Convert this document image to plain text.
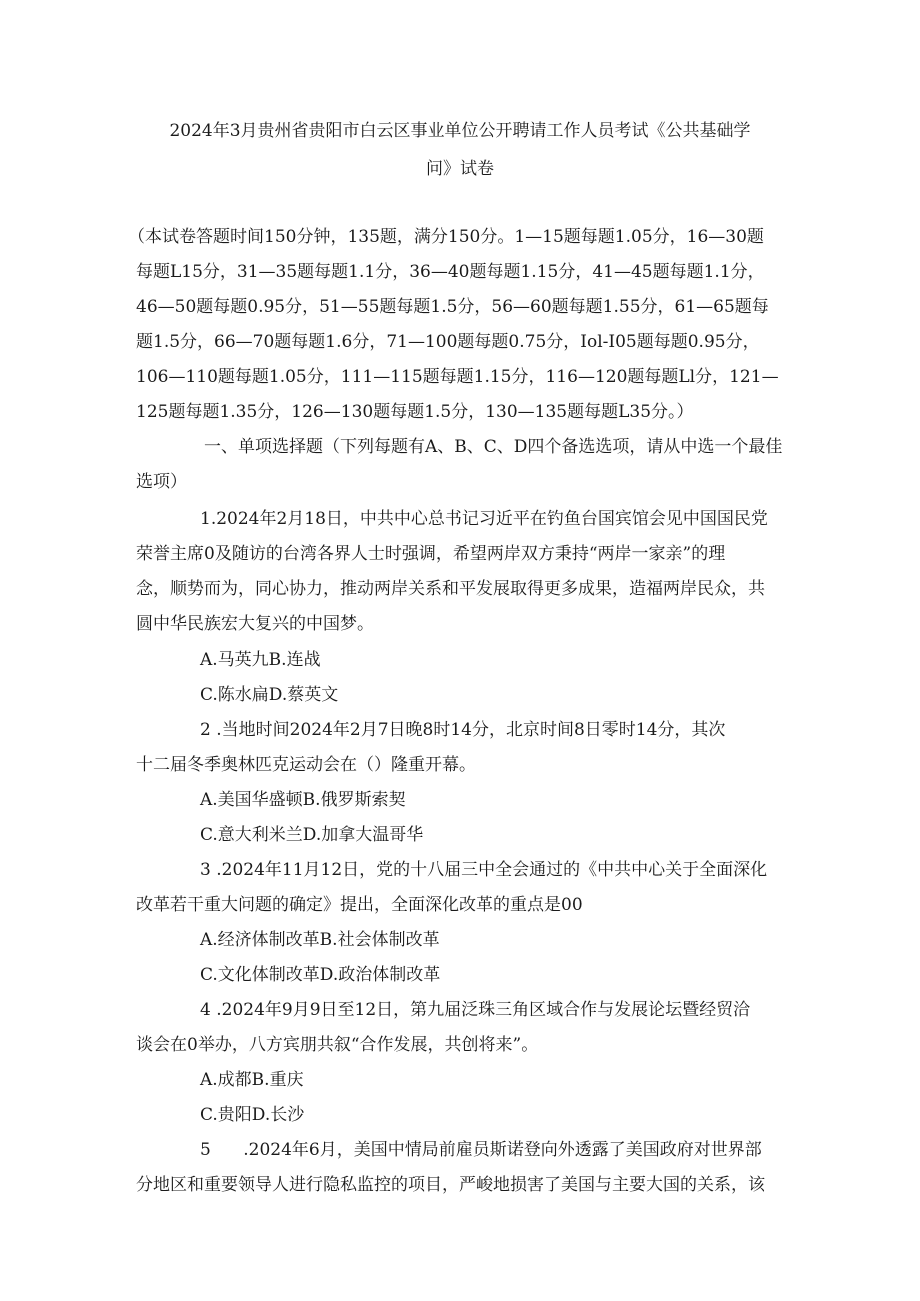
2024年3月贵州省贵阳市白云区事业单位公开聘请工作人员考试《公共基础学
问》试卷
（本试卷答题时间150分钟，135题，满分150分。1—15题每题1.05分，16—30题
每题L15分，31—35题每题1.1分，36—40题每题1.15分，41—45题每题1.1分，
46—50题每题0.95分，51—55题每题1.5分，56—60题每题1.55分，61—65题每
题1.5分，66—70题每题1.6分，71—100题每题0.75分，Iol-I05题每题0.95分，
106—110题每题1.05分，111—115题每题1.15分，116—120题每题Ll分，121—
125题每题1.35分，126—130题每题1.5分，130—135题每题L35分。）
一、单项选择题（下列每题有A、B、C、D四个备选选项，请从中选一个最佳
选项）
1.2024年2月18日，中共中心总书记习近平在钓鱼台国宾馆会见中国国民党
荣誉主席0及随访的台湾各界人士时强调，希望两岸双方秉持“两岸一家亲”的理
念，顺势而为，同心协力，推动两岸关系和平发展取得更多成果，造福两岸民众，共
圆中华民族宏大复兴的中国梦。
A.马英九B.连战
C.陈水扁D.蔡英文
2 .当地时间2024年2月7日晚8时14分，北京时间8日零时14分，其次
十二届冬季奥林匹克运动会在（）隆重开幕。
A.美国华盛顿B.俄罗斯索契
C.意大利米兰D.加拿大温哥华
3 .2024年11月12日，党的十八届三中全会通过的《中共中心关于全面深化
改革若干重大问题的确定》提出，全面深化改革的重点是00
A.经济体制改革B.社会体制改革
C.文化体制改革D.政治体制改革
4 .2024年9月9日至12日，第九届泛珠三角区域合作与发展论坛暨经贸洽
谈会在0举办，八方宾朋共叙“合作发展，共创将来”。
A.成都B.重庆
C.贵阳D.长沙
5      .2024年6月，美国中情局前雇员斯诺登向外透露了美国政府对世界部
分地区和重要领导人进行隐私监控的项目，严峻地损害了美国与主要大国的关系，该
